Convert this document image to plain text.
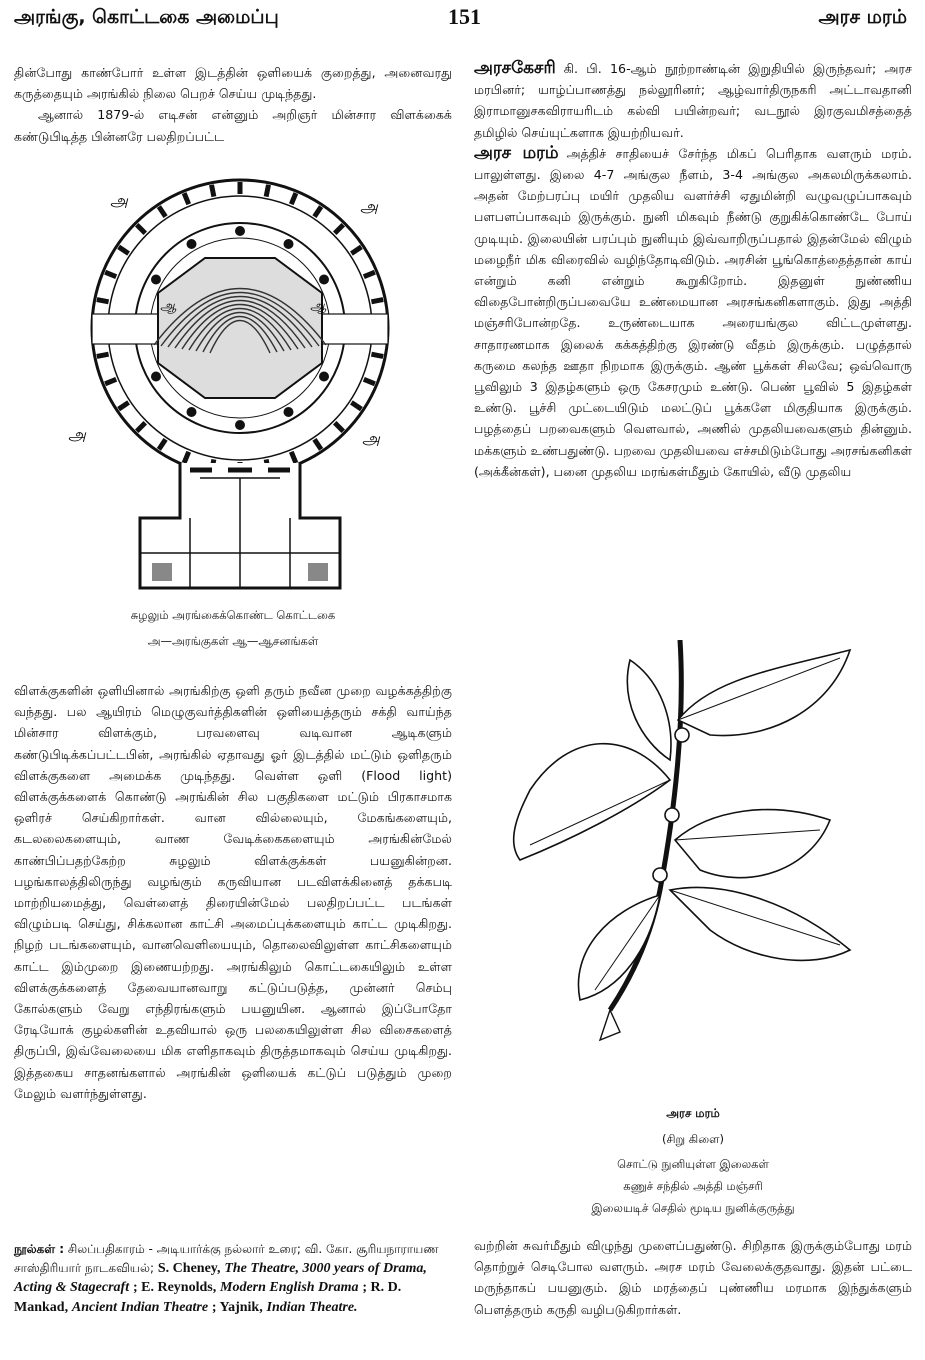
அரங்கு, கொட்டகை அமைப்பு	151	அரச மரம்

தின்போது காண்போர் உள்ள இடத்தின் ஒளியைக் குறைத்து, அனைவரது கருத்தையும் அரங்கில் நிலை பெறச் செய்ய முடிந்தது.

ஆனால் 1879-ல் எடிசன் என்னும் அறிஞர் மின்சார விளக்கைக் கண்டுபிடித்த பின்னரே பலதிறப்பட்ட

அ	அ
அ	அ
ஆ	ஆ
சுழலும் அரங்கைக்கொண்ட கொட்டகை
அ—அரங்குகள் ஆ—ஆசனங்கள்

விளக்குகளின் ஒளியினால் அரங்கிற்கு ஒளி தரும் நவீன முறை வழக்கத்திற்கு வந்தது. பல ஆயிரம் மெழுகுவர்த்திகளின் ஒளியைத்தரும் சக்தி வாய்ந்த மின்சார விளக்கும், பரவளைவு வடிவான ஆடிகளும் கண்டுபிடிக்கப்பட்டபின், அரங்கில் ஏதாவது ஓர் இடத்தில் மட்டும் ஒளிதரும் விளக்குகளை அமைக்க முடிந்தது. வெள்ள ஒளி (Flood light) விளக்குக்களைக் கொண்டு அரங்கின் சில பகுதிகளை மட்டும் பிரகாசமாக ஒளிரச் செய்கிறார்கள். வான வில்லையும், மேகங்களையும், கடலலைகளையும், வாண வேடிக்கைகளையும் அரங்கின்மேல் காண்பிப்பதற்கேற்ற சுழலும் விளக்குக்கள் பயனுகின்றன. பழங்காலத்திலிருந்து வழங்கும் கருவியான படவிளக்கினைத் தக்கபடி மாற்றியமைத்து, வெள்ளைத் திரையின்மேல் பலதிறப்பட்ட படங்கள் விழும்படி செய்து, சிக்கலான காட்சி அமைப்புக்களையும் காட்ட முடிகிறது. நிழற் படங்களையும், வானவெளியையும், தொலைவிலுள்ள காட்சிகளையும் காட்ட இம்முறை இணையற்றது. அரங்கிலும் கொட்டகையிலும் உள்ள விளக்குக்களைத் தேவையானவாறு கட்டுப்படுத்த, முன்னர் செம்பு கோல்களும் வேறு எந்திரங்களும் பயனுயின. ஆனால் இப்போதோ ரேடியோக் குழல்களின் உதவியால் ஒரு பலகையிலுள்ள சில விசைகளைத் திருப்பி, இவ்வேலையை மிக எளிதாகவும் திருத்தமாகவும் செய்ய முடிகிறது. இத்தகைய சாதனங்களால் அரங்கின் ஒளியைக் கட்டுப் படுத்தும் முறை மேலும் வளர்ந்துள்ளது.

நூல்கள் : சிலப்பதிகாரம் - அடியார்க்கு நல்லார் உரை; வி. கோ. சூரியநாராயண சாஸ்திரியார் நாடகவியல்; S. Cheney, The Theatre, 3000 years of Drama, Acting & Stagecraft ; E. Reynolds, Modern English Drama ; R. D. Mankad, Ancient Indian Theatre ; Yajnik, Indian Theatre.

அரசகேசரி கி. பி. 16-ஆம் நூற்றாண்டின் இறுதியில் இருந்தவர்; அரச மரபினர்; யாழ்ப்பாணத்து நல்லூரினர்; ஆழ்வார்திருநகரி அட்டாவதானி இராமானுசகவிராயரிடம் கல்வி பயின்றவர்; வடநூல் இரகுவமிசத்தைத் தமிழில் செய்யுட்களாக இயற்றியவர்.

அரச மரம் அத்திச் சாதியைச் சேர்ந்த மிகப் பெரிதாக வளரும் மரம். பாலுள்ளது. இலை 4-7 அங்குல நீளம், 3-4 அங்குல அகலமிருக்கலாம். அதன் மேற்பரப்பு மயிர் முதலிய வளர்ச்சி ஏதுமின்றி வழுவழுப்பாகவும் பளபளப்பாகவும் இருக்கும். நுனி மிகவும் நீண்டு குறுகிக்கொண்டே போய் முடியும். இலையின் பரப்பும் நுனியும் இவ்வாறிருப்பதால் இதன்மேல் விழும் மழைநீர் மிக விரைவில் வழிந்தோடிவிடும். அரசின் பூங்கொத்தைத்தான் காய் என்றும் கனி என்றும் கூறுகிறோம். இதனுள் நுண்ணிய விதைபோன்றிருப்பவையே உண்மையான அரசங்கனிகளாகும். இது அத்தி மஞ்சரிபோன்றதே. உருண்டையாக அரையங்குல விட்டமுள்ளது. சாதாரணமாக இலைக் கக்கத்திற்கு இரண்டு வீதம் இருக்கும். பழுத்தால் கருமை கலந்த ஊதா நிறமாக இருக்கும். ஆண் பூக்கள் சிலவே; ஒவ்வொரு பூவிலும் 3 இதழ்களும் ஒரு கேசரமும் உண்டு. பெண் பூவில் 5 இதழ்கள் உண்டு. பூச்சி முட்டையிடும் மலட்டுப் பூக்களே மிகுதியாக இருக்கும். பழத்தைப் பறவைகளும் வெளவால், அணில் முதலியவைகளும் தின்னும். மக்களும் உண்பதுண்டு. பறவை முதலியவை எச்சமிடும்போது அரசங்கனிகள் (அக்கீன்கள்), பனை முதலிய மரங்கள்மீதும் கோயில், வீடு முதலிய

அரச மரம்
(சிறு கிளை)
சொட்டு நுனியுள்ள இலைகள்
கணுச் சந்தில் அத்தி மஞ்சரி
இலையடிச் செதில் மூடிய நுனிக்குருத்து

வற்றின் சுவர்மீதும் விழுந்து முளைப்பதுண்டு. சிறிதாக இருக்கும்போது மரம் தொற்றுச் செடிபோல வளரும். அரச மரம் வேலைக்குதவாது. இதன் பட்டை மருந்தாகப் பயனுகும். இம் மரத்தைப் புண்ணிய மரமாக இந்துக்களும் பௌத்தரும் கருதி வழிபடுகிறார்கள்.
